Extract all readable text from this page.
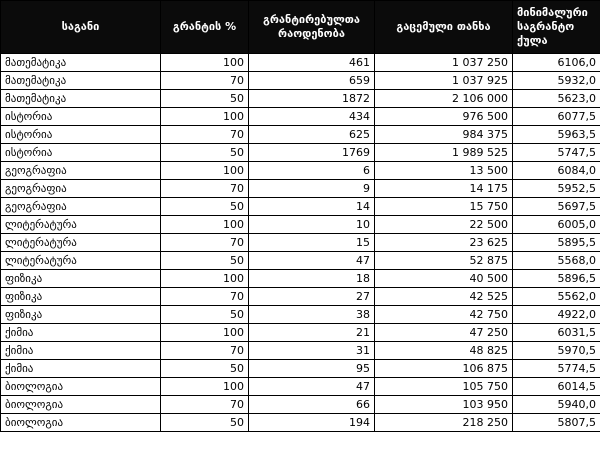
საგანი	გრანტის %	გრანტირებულთა რაოდენობა	გაცემული თანხა	მინიმალური საგრანტო ქულა
მათემატიკა	100	461	1 037 250	6106,0
მათემატიკა	70	659	1 037 925	5932,0
მათემატიკა	50	1872	2 106 000	5623,0
ისტორია	100	434	976 500	6077,5
ისტორია	70	625	984 375	5963,5
ისტორია	50	1769	1 989 525	5747,5
გეოგრაფია	100	6	13 500	6084,0
გეოგრაფია	70	9	14 175	5952,5
გეოგრაფია	50	14	15 750	5697,5
ლიტერატურა	100	10	22 500	6005,0
ლიტერატურა	70	15	23 625	5895,5
ლიტერატურა	50	47	52 875	5568,0
ფიზიკა	100	18	40 500	5896,5
ფიზიკა	70	27	42 525	5562,0
ფიზიკა	50	38	42 750	4922,0
ქიმია	100	21	47 250	6031,5
ქიმია	70	31	48 825	5970,5
ქიმია	50	95	106 875	5774,5
ბიოლოგია	100	47	105 750	6014,5
ბიოლოგია	70	66	103 950	5940,0
ბიოლოგია	50	194	218 250	5807,5
